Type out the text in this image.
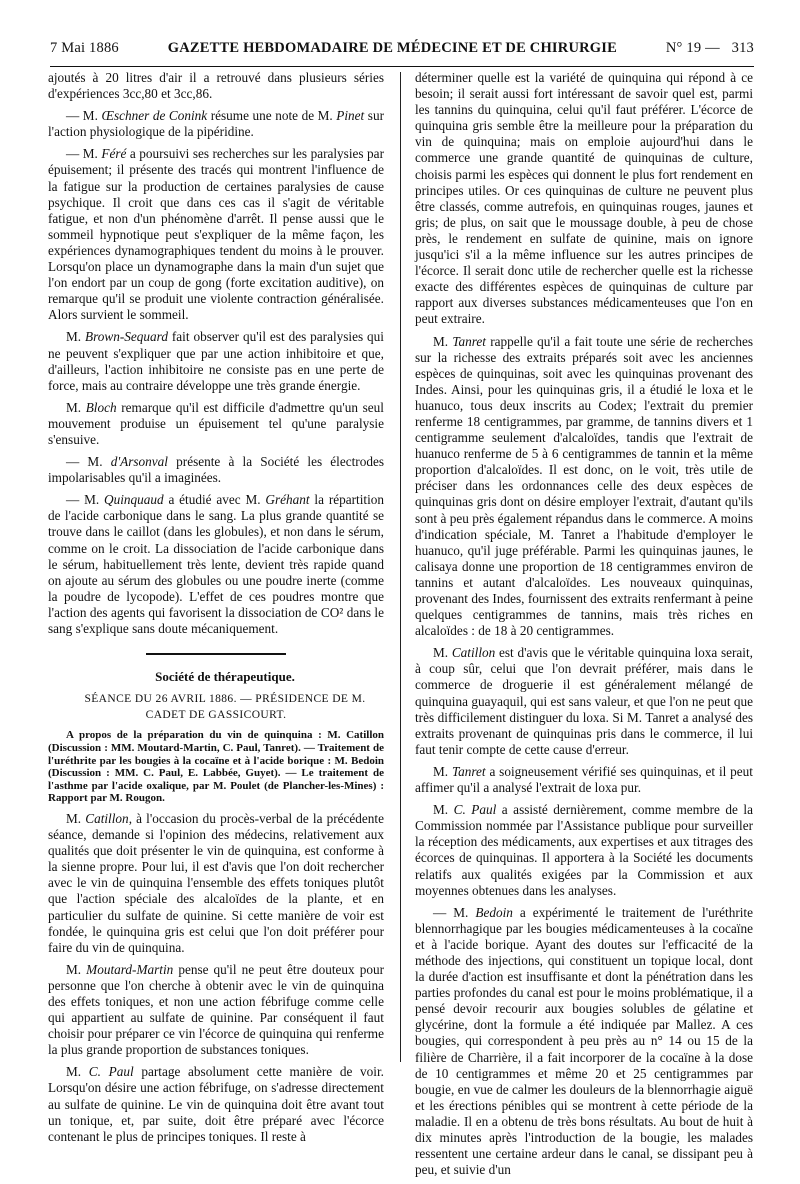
7 Mai 1886	GAZETTE HEBDOMADAIRE DE MÉDECINE ET DE CHIRURGIE	N° 19 — 313

ajoutés à 20 litres d'air il a retrouvé dans plusieurs séries d'expériences 3cc,80 et 3cc,86.

— M. Œschner de Conink résume une note de M. Pinet sur l'action physiologique de la pipéridine.

— M. Féré a poursuivi ses recherches sur les paralysies par épuisement; il présente des tracés qui montrent l'influence de la fatigue sur la production de certaines paralysies de cause psychique. Il croit que dans ces cas il s'agit de véritable fatigue, et non d'un phénomène d'arrêt. Il pense aussi que le sommeil hypnotique peut s'expliquer de la même façon, les expériences dynamographiques tendent du moins à le prouver. Lorsqu'on place un dynamographe dans la main d'un sujet que l'on endort par un coup de gong (forte excitation auditive), on remarque qu'il se produit une violente contraction généralisée. Alors survient le sommeil.

M. Brown-Sequard fait observer qu'il est des paralysies qui ne peuvent s'expliquer que par une action inhibitoire et que, d'ailleurs, l'action inhibitoire ne consiste pas en une perte de force, mais au contraire développe une très grande énergie.

M. Bloch remarque qu'il est difficile d'admettre qu'un seul mouvement produise un épuisement tel qu'une paralysie s'ensuive.

— M. d'Arsonval présente à la Société les électrodes impolarisables qu'il a imaginées.

— M. Quinquaud a étudié avec M. Gréhant la répartition de l'acide carbonique dans le sang. La plus grande quantité se trouve dans le caillot (dans les globules), et non dans le sérum, comme on le croit. La dissociation de l'acide carbonique dans le sérum, habituellement très lente, devient très rapide quand on ajoute au sérum des globules ou une poudre inerte (comme la poudre de lycopode). L'effet de ces poudres montre que l'action des agents qui favorisent la dissociation de CO² dans le sang s'explique sans doute mécaniquement.

Société de thérapeutique.

SÉANCE DU 26 AVRIL 1886. — PRÉSIDENCE DE M. CADET DE GASSICOURT.

A propos de la préparation du vin de quinquina : M. Catillon (Discussion : MM. Moutard-Martin, C. Paul, Tanret). — Traitement de l'uréthrite par les bougies à la cocaïne et à l'acide borique : M. Bedoin (Discussion : MM. C. Paul, E. Labbée, Guyet). — Le traitement de l'asthme par l'acide oxalique, par M. Poulet (de Plancher-les-Mines) : Rapport par M. Rougon.

M. Catillon, à l'occasion du procès-verbal de la précédente séance, demande si l'opinion des médecins, relativement aux qualités que doit présenter le vin de quinquina, est conforme à la sienne propre. Pour lui, il est d'avis que l'on doit rechercher avec le vin de quinquina l'ensemble des effets toniques plutôt que l'action spéciale des alcaloïdes de la plante, et en particulier du sulfate de quinine. Si cette manière de voir est fondée, le quinquina gris est celui que l'on doit préférer pour faire du vin de quinquina.

M. Moutard-Martin pense qu'il ne peut être douteux pour personne que l'on cherche à obtenir avec le vin de quinquina des effets toniques, et non une action fébrifuge comme celle qui appartient au sulfate de quinine. Par conséquent il faut choisir pour préparer ce vin l'écorce de quinquina qui renferme la plus grande proportion de substances toniques.

M. C. Paul partage absolument cette manière de voir. Lorsqu'on désire une action fébrifuge, on s'adresse directement au sulfate de quinine. Le vin de quinquina doit être avant tout un tonique, et, par suite, doit être préparé avec l'écorce contenant le plus de principes toniques. Il reste à

déterminer quelle est la variété de quinquina qui répond à ce besoin; il serait aussi fort intéressant de savoir quel est, parmi les tannins du quinquina, celui qu'il faut préférer. L'écorce de quinquina gris semble être la meilleure pour la préparation du vin de quinquina; mais on emploie aujourd'hui dans le commerce une grande quantité de quinquinas de culture, choisis parmi les espèces qui donnent le plus fort rendement en principes utiles. Or ces quinquinas de culture ne peuvent plus être classés, comme autrefois, en quinquinas rouges, jaunes et gris; de plus, on sait que le moussage double, à peu de chose près, le rendement en sulfate de quinine, mais on ignore jusqu'ici s'il a la même influence sur les autres principes de l'écorce. Il serait donc utile de rechercher quelle est la richesse exacte des différentes espèces de quinquinas de culture par rapport aux diverses substances médicamenteuses que l'on en peut extraire.

M. Tanret rappelle qu'il a fait toute une série de recherches sur la richesse des extraits préparés soit avec les anciennes espèces de quinquinas, soit avec les quinquinas provenant des Indes. Ainsi, pour les quinquinas gris, il a étudié le loxa et le huanuco, tous deux inscrits au Codex; l'extrait du premier renferme 18 centigrammes, par gramme, de tannins divers et 1 centigramme seulement d'alcaloïdes, tandis que l'extrait de huanuco renferme de 5 à 6 centigrammes de tannin et la même proportion d'alcaloïdes. Il est donc, on le voit, très utile de préciser dans les ordonnances celle des deux espèces de quinquinas gris dont on désire employer l'extrait, d'autant qu'ils sont à peu près également répandus dans le commerce. A moins d'indication spéciale, M. Tanret a l'habitude d'employer le huanuco, qu'il juge préférable. Parmi les quinquinas jaunes, le calisaya donne une proportion de 18 centigrammes environ de tannins et autant d'alcaloïdes. Les nouveaux quinquinas, provenant des Indes, fournissent des extraits renfermant à peine quelques centigrammes de tannins, mais très riches en alcaloïdes : de 18 à 20 centigrammes.

M. Catillon est d'avis que le véritable quinquina loxa serait, à coup sûr, celui que l'on devrait préférer, mais dans le commerce de droguerie il est généralement mélangé de quinquina guayaquil, qui est sans valeur, et que l'on ne peut que très difficilement distinguer du loxa. Si M. Tanret a analysé des extraits provenant de quinquinas pris dans le commerce, il lui faut tenir compte de cette cause d'erreur.

M. Tanret a soigneusement vérifié ses quinquinas, et il peut affimer qu'il a analysé l'extrait de loxa pur.

M. C. Paul a assisté dernièrement, comme membre de la Commission nommée par l'Assistance publique pour surveiller la réception des médicaments, aux expertises et aux titrages des écorces de quinquinas. Il apportera à la Société les documents relatifs aux qualités exigées par la Commission et aux moyennes obtenues dans les analyses.

— M. Bedoin a expérimenté le traitement de l'uréthrite blennorrhagique par les bougies médicamenteuses à la cocaïne et à l'acide borique. Ayant des doutes sur l'efficacité de la méthode des injections, qui constituent un topique local, dont la durée d'action est insuffisante et dont la pénétration dans les parties profondes du canal est pour le moins problématique, il a pensé devoir recourir aux bougies solubles de gélatine et glycérine, dont la formule a été indiquée par Mallez. A ces bougies, qui correspondent à peu près au n° 14 ou 15 de la filière de Charrière, il a fait incorporer de la cocaïne à la dose de 10 centigrammes et même 20 et 25 centigrammes par bougie, en vue de calmer les douleurs de la blennorrhagie aiguë et les érections pénibles qui se montrent à cette période de la maladie. Il en a obtenu de très bons résultats. Au bout de huit à dix minutes après l'introduction de la bougie, les malades ressentent une certaine ardeur dans le canal, se dissipant peu à peu, et suivie d'un
